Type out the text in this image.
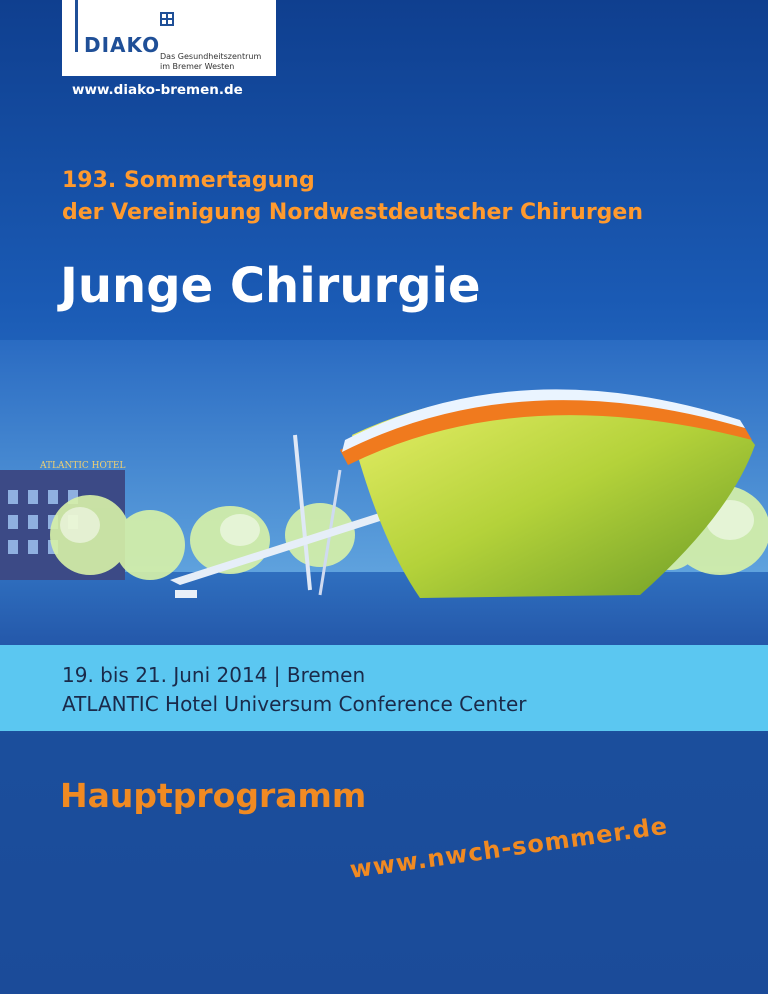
DIAKO Das Gesundheitszentrum
im Bremer Westen
www.diako-bremen.de
193. Sommertagung
der Vereinigung Nordwestdeutscher Chirurgen
Junge Chirurgie
ATLANTIC HOTEL
19. bis 21. Juni 2014 | Bremen
ATLANTIC Hotel Universum Conference Center
Hauptprogramm
www.nwch-sommer.de
